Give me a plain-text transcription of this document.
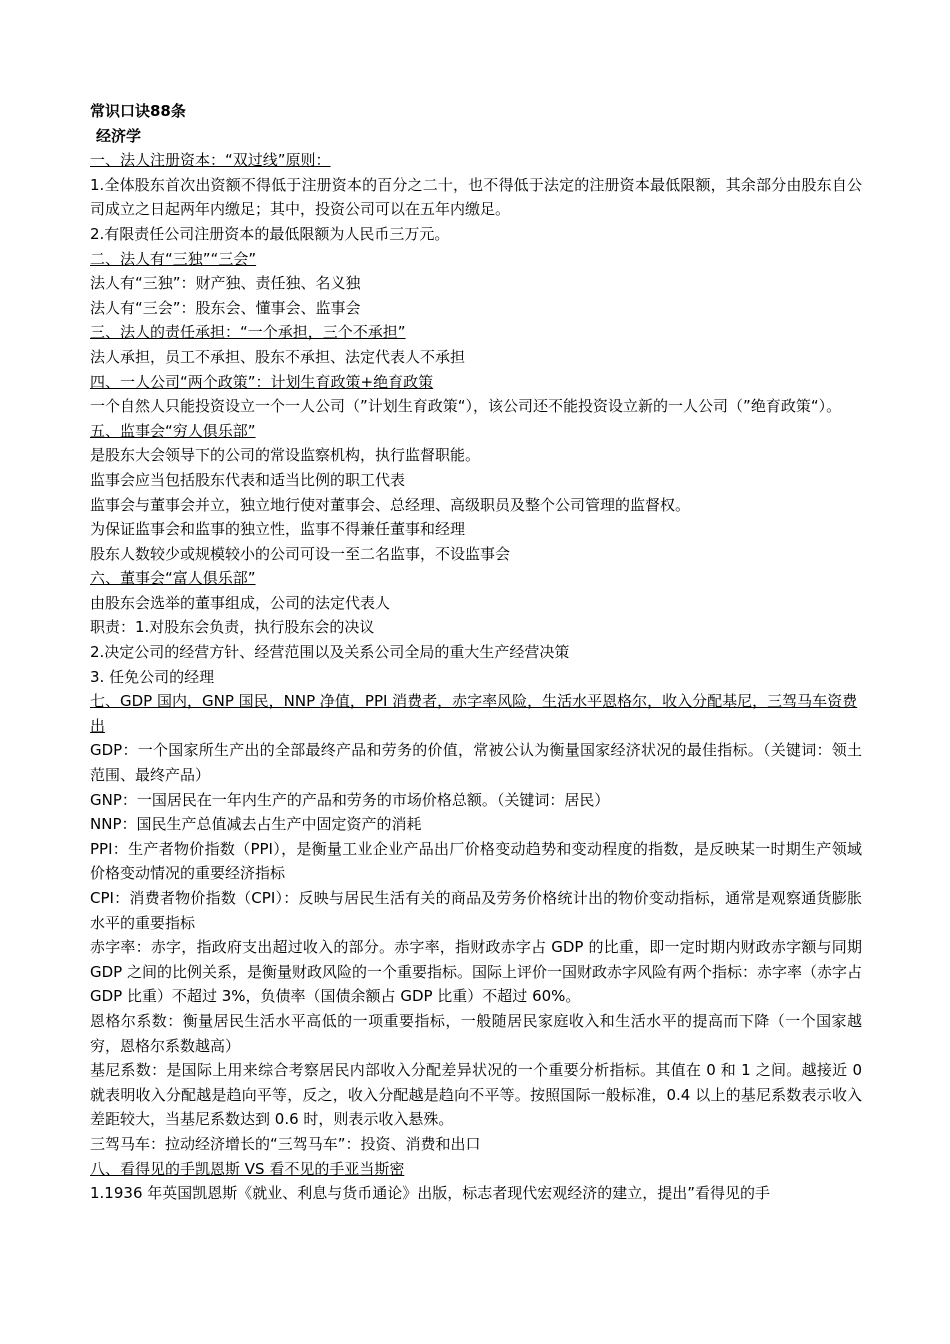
常识口诀88条
经济学
一、法人注册资本：“双过线”原则：
1.全体股东首次出资额不得低于注册资本的百分之二十，也不得低于法定的注册资本最低限额，其余部分由股东自公司成立之日起两年内缴足；其中，投资公司可以在五年内缴足。
2.有限责任公司注册资本的最低限额为人民币三万元。
二、法人有“三独”“三会”
法人有“三独”：财产独、责任独、名义独
法人有“三会”：股东会、懂事会、监事会
三、法人的责任承担：“一个承担，三个不承担”
法人承担，员工不承担、股东不承担、法定代表人不承担
四、一人公司“两个政策”：计划生育政策+绝育政策
一个自然人只能投资设立一个一人公司（”计划生育政策“），该公司还不能投资设立新的一人公司（”绝育政策“）。
五、监事会“穷人俱乐部”
是股东大会领导下的公司的常设监察机构，执行监督职能。
监事会应当包括股东代表和适当比例的职工代表
监事会与董事会并立，独立地行使对董事会、总经理、高级职员及整个公司管理的监督权。
为保证监事会和监事的独立性，监事不得兼任董事和经理
股东人数较少或规模较小的公司可设一至二名监事，不设监事会
六、董事会“富人俱乐部”
由股东会选举的董事组成，公司的法定代表人
职责：1.对股东会负责，执行股东会的决议
2.决定公司的经营方针、经营范围以及关系公司全局的重大生产经营决策
3. 任免公司的经理
七、GDP 国内，GNP 国民，NNP 净值，PPI 消费者，赤字率风险，生活水平恩格尔，收入分配基尼，三驾马车资费出
GDP：一个国家所生产出的全部最终产品和劳务的价值，常被公认为衡量国家经济状况的最佳指标。（关键词：领土范围、最终产品）
GNP：一国居民在一年内生产的产品和劳务的市场价格总额。（关键词：居民）
NNP：国民生产总值减去占生产中固定资产的消耗
PPI：生产者物价指数（PPI），是衡量工业企业产品出厂价格变动趋势和变动程度的指数，是反映某一时期生产领域价格变动情况的重要经济指标
CPI：消费者物价指数（CPI）：反映与居民生活有关的商品及劳务价格统计出的物价变动指标，通常是观察通货膨胀水平的重要指标
赤字率：赤字，指政府支出超过收入的部分。赤字率，指财政赤字占 GDP 的比重，即一定时期内财政赤字额与同期 GDP 之间的比例关系，是衡量财政风险的一个重要指标。国际上评价一国财政赤字风险有两个指标：赤字率（赤字占 GDP 比重）不超过 3%，负债率（国债余额占 GDP 比重）不超过 60%。
恩格尔系数：衡量居民生活水平高低的一项重要指标，一般随居民家庭收入和生活水平的提高而下降（一个国家越穷，恩格尔系数越高）
基尼系数：是国际上用来综合考察居民内部收入分配差异状况的一个重要分析指标。其值在 0 和 1 之间。越接近 0 就表明收入分配越是趋向平等，反之，收入分配越是趋向不平等。按照国际一般标准，0.4 以上的基尼系数表示收入差距较大，当基尼系数达到 0.6 时，则表示收入悬殊。
三驾马车：拉动经济增长的“三驾马车”：投资、消费和出口
八、看得见的手凯恩斯 VS 看不见的手亚当斯密
1.1936 年英国凯恩斯《就业、利息与货币通论》出版，标志者现代宏观经济的建立，提出”看得见的手
